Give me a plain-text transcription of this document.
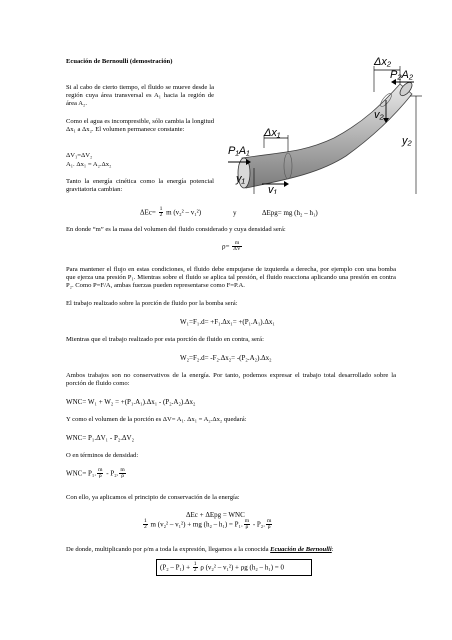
Ecuación de Bernoulli (demostración)
Si al cabo de cierto tiempo, el fluido se mueve desde la región cuya área transversal es A₁ hacia la región de área A₂.
Como el agua es incompresible, sólo cambia la longitud Δx₁ a Δx₂. El volumen permanece constante:
ΔV₁=ΔV₂
A₁. Δx₁ = A₂.Δx₂
Tanto la energía cinética como la energía potencial gravitatoria cambian:
Δx₁
P₁A₁
Δx₂
P₂A₂
v₂
y₂
y₁
v₁
$\Delta Ec= \frac{1}{2}$ m (v₂² – v₁²)	y	ΔEpg= mg (h₂ – h₁)
En donde “m” es la masa del volumen del fluido considerado y cuya densidad será:
$\rho= \frac{m}{\Delta V}$
Para mantener el flujo en estas condiciones, el fluido debe empujarse de izquierda a derecha, por ejemplo con una bomba que ejerza una presión P₁. Mientras sobre el fluido se aplica tal presión, el fluido reacciona aplicando una presión en contra P₂. Como P=F/A, ambas fuerzas pueden representarse como F=P.A.
El trabajo realizado sobre la porción de fluido por la bomba será:
W₁=F₁.d= +F₁.Δx₁= +(P₁.A₁).Δx₁
Mientras que el trabajo realizado por esta porción de fluido en contra, será:
W₂=F₂.d= -F₂.Δx₂= -(P₂.A₂).Δx₂
Ambos trabajos son no conservativos de la energía. Por tanto, podemos expresar el trabajo total desarrollado sobre la porción de fluido como:
WNC= W₁ + W₂ = +(P₁.A₁).Δx₁ - (P₂.A₂).Δx₂
Y como el volumen de la porción es ΔV= A₁. Δx₁ = A₂.Δx₂ quedará:
WNC= P₁.ΔV₁ - P₂.ΔV₂
O en términos de densidad:
WNC= P₁. $\frac{m}{\rho} - P_2$. $\frac{m}{\rho}$
Con ello, ya aplicamos el principio de conservación de la energía:
ΔEc + ΔEpg = WNC
$\frac{1}{2}$ m (v₂² – v₁²) + mg (h₂ – h₁) = P₁. $\frac{m}{\rho} - P_2$. $\frac{m}{\rho}$
De donde, multiplicando por ρ/m a toda la expresión, llegamos a la conocida Ecuación de Bernoulli:
$(P_2 - P_1) + \frac{1}{2}$ ρ (v₂² – v₁²) + ρg (h₂ – h₁) = 0
